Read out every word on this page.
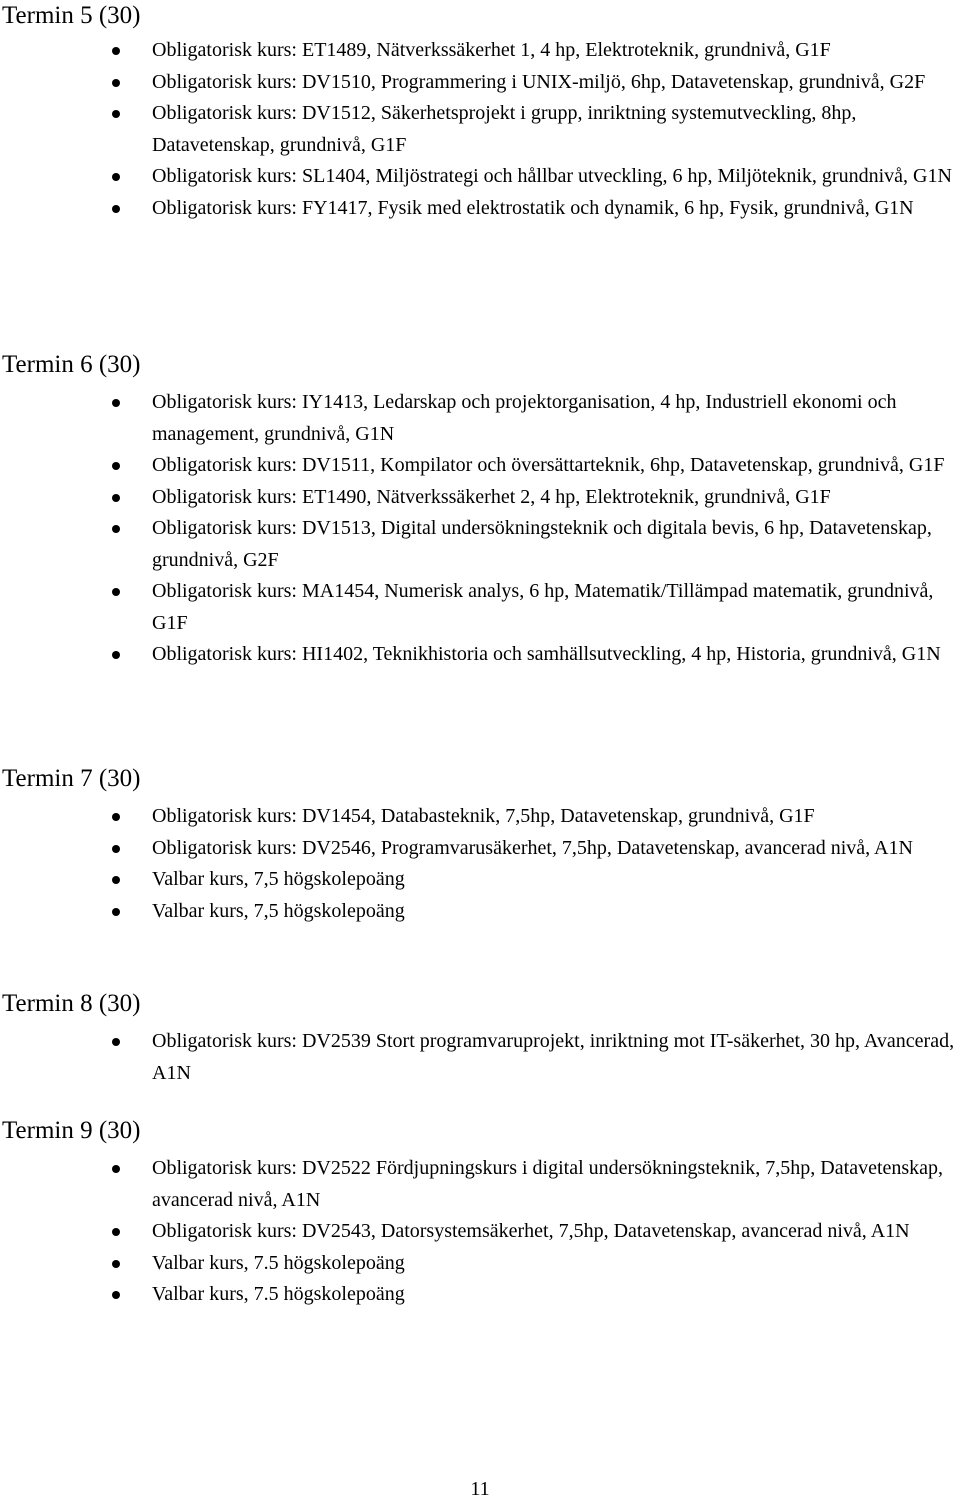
Termin 5 (30)
Obligatorisk kurs: ET1489, Nätverkssäkerhet 1, 4 hp, Elektroteknik, grundnivå, G1F
Obligatorisk kurs: DV1510, Programmering i UNIX-miljö, 6hp, Datavetenskap, grundnivå, G2F
Obligatorisk kurs: DV1512, Säkerhetsprojekt i grupp, inriktning systemutveckling, 8hp, Datavetenskap, grundnivå, G1F
Obligatorisk kurs: SL1404, Miljöstrategi och hållbar utveckling, 6 hp, Miljöteknik, grundnivå, G1N
Obligatorisk kurs: FY1417, Fysik med elektrostatik och dynamik, 6 hp, Fysik, grundnivå, G1N
Termin 6 (30)
Obligatorisk kurs: IY1413, Ledarskap och projektorganisation, 4 hp, Industriell ekonomi och management, grundnivå, G1N
Obligatorisk kurs: DV1511, Kompilator och översättarteknik, 6hp, Datavetenskap, grundnivå, G1F
Obligatorisk kurs: ET1490, Nätverkssäkerhet 2, 4 hp, Elektroteknik, grundnivå, G1F
Obligatorisk kurs: DV1513, Digital undersökningsteknik och digitala bevis, 6 hp, Datavetenskap, grundnivå, G2F
Obligatorisk kurs: MA1454, Numerisk analys, 6 hp, Matematik/Tillämpad matematik, grundnivå, G1F
Obligatorisk kurs: HI1402, Teknikhistoria och samhällsutveckling, 4 hp, Historia, grundnivå, G1N
Termin 7 (30)
Obligatorisk kurs: DV1454, Databasteknik, 7,5hp, Datavetenskap, grundnivå, G1F
Obligatorisk kurs: DV2546, Programvarusäkerhet, 7,5hp, Datavetenskap, avancerad nivå, A1N
Valbar kurs, 7,5 högskolepoäng
Valbar kurs, 7,5 högskolepoäng
Termin 8 (30)
Obligatorisk kurs: DV2539 Stort programvaruprojekt, inriktning mot IT-säkerhet, 30 hp, Avancerad, A1N
Termin 9 (30)
Obligatorisk kurs: DV2522 Fördjupningskurs i digital undersökningsteknik, 7,5hp, Datavetenskap, avancerad nivå, A1N
Obligatorisk kurs: DV2543, Datorsystemsäkerhet, 7,5hp, Datavetenskap, avancerad nivå, A1N
Valbar kurs, 7.5 högskolepoäng
Valbar kurs, 7.5 högskolepoäng
11
